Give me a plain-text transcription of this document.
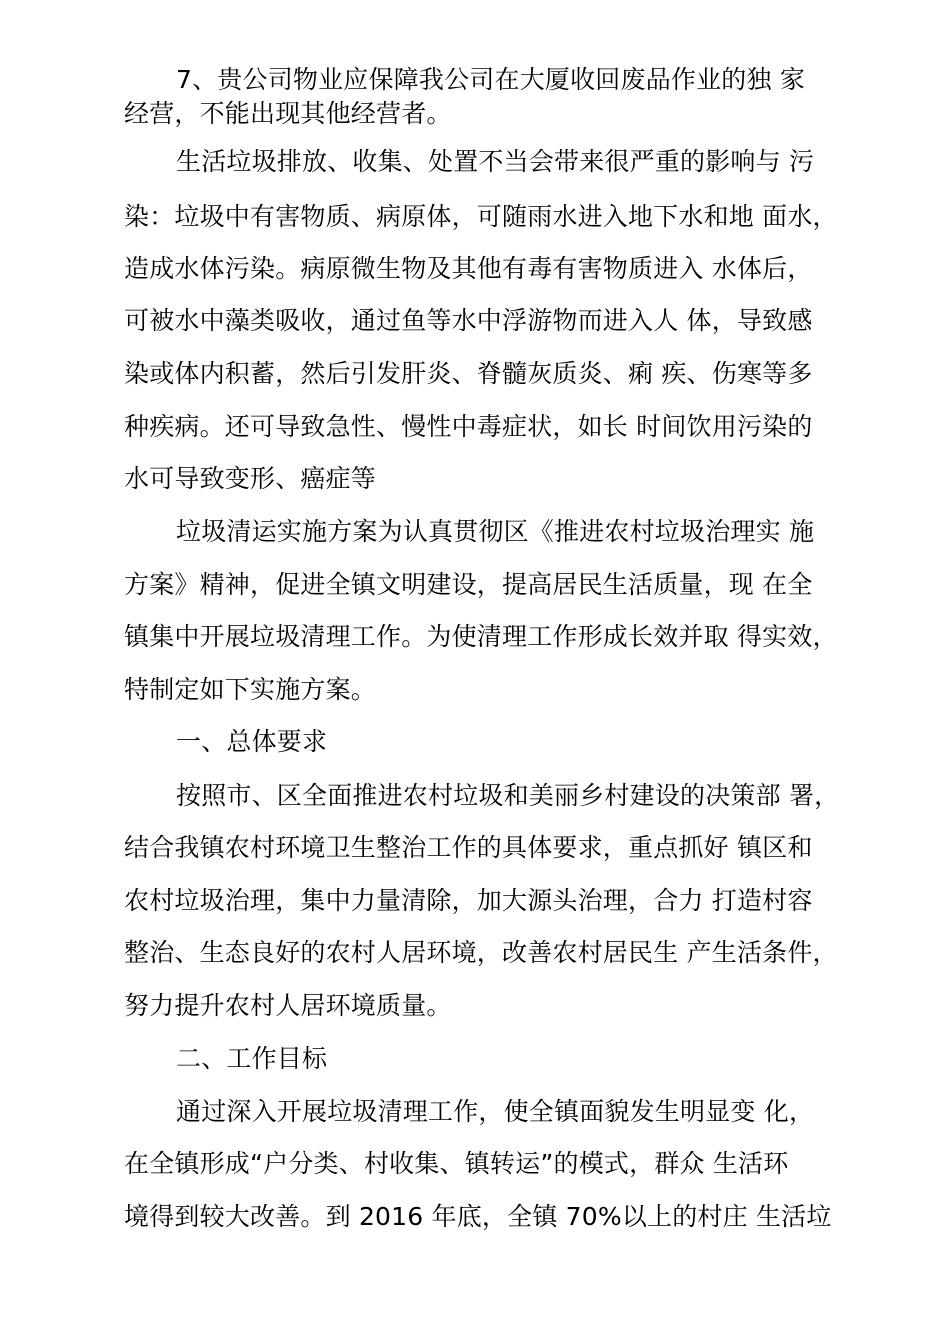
7、贵公司物业应保障我公司在大厦收回废品作业的独 家

经营，不能出现其他经营者。

生活垃圾排放、收集、处置不当会带来很严重的影响与 污

染：垃圾中有害物质、病原体，可随雨水进入地下水和地 面水，

造成水体污染。病原微生物及其他有毒有害物质进入 水体后，

可被水中藻类吸收，通过鱼等水中浮游物而进入人 体，导致感

染或体内积蓄，然后引发肝炎、脊髓灰质炎、痢 疾、伤寒等多

种疾病。还可导致急性、慢性中毒症状，如长 时间饮用污染的

水可导致变形、癌症等

垃圾清运实施方案为认真贯彻区《推进农村垃圾治理实 施

方案》精神，促进全镇文明建设，提高居民生活质量，现 在全

镇集中开展垃圾清理工作。为使清理工作形成长效并取 得实效，

特制定如下实施方案。

一、总体要求

按照市、区全面推进农村垃圾和美丽乡村建设的决策部 署，

结合我镇农村环境卫生整治工作的具体要求，重点抓好 镇区和

农村垃圾治理，集中力量清除，加大源头治理，合力 打造村容

整治、生态良好的农村人居环境，改善农村居民生 产生活条件，

努力提升农村人居环境质量。

二、工作目标

通过深入开展垃圾清理工作，使全镇面貌发生明显变 化，

在全镇形成“户分类、村收集、镇转运”的模式，群众 生活环

境得到较大改善。到 2016 年底，全镇 70%以上的村庄 生活垃
